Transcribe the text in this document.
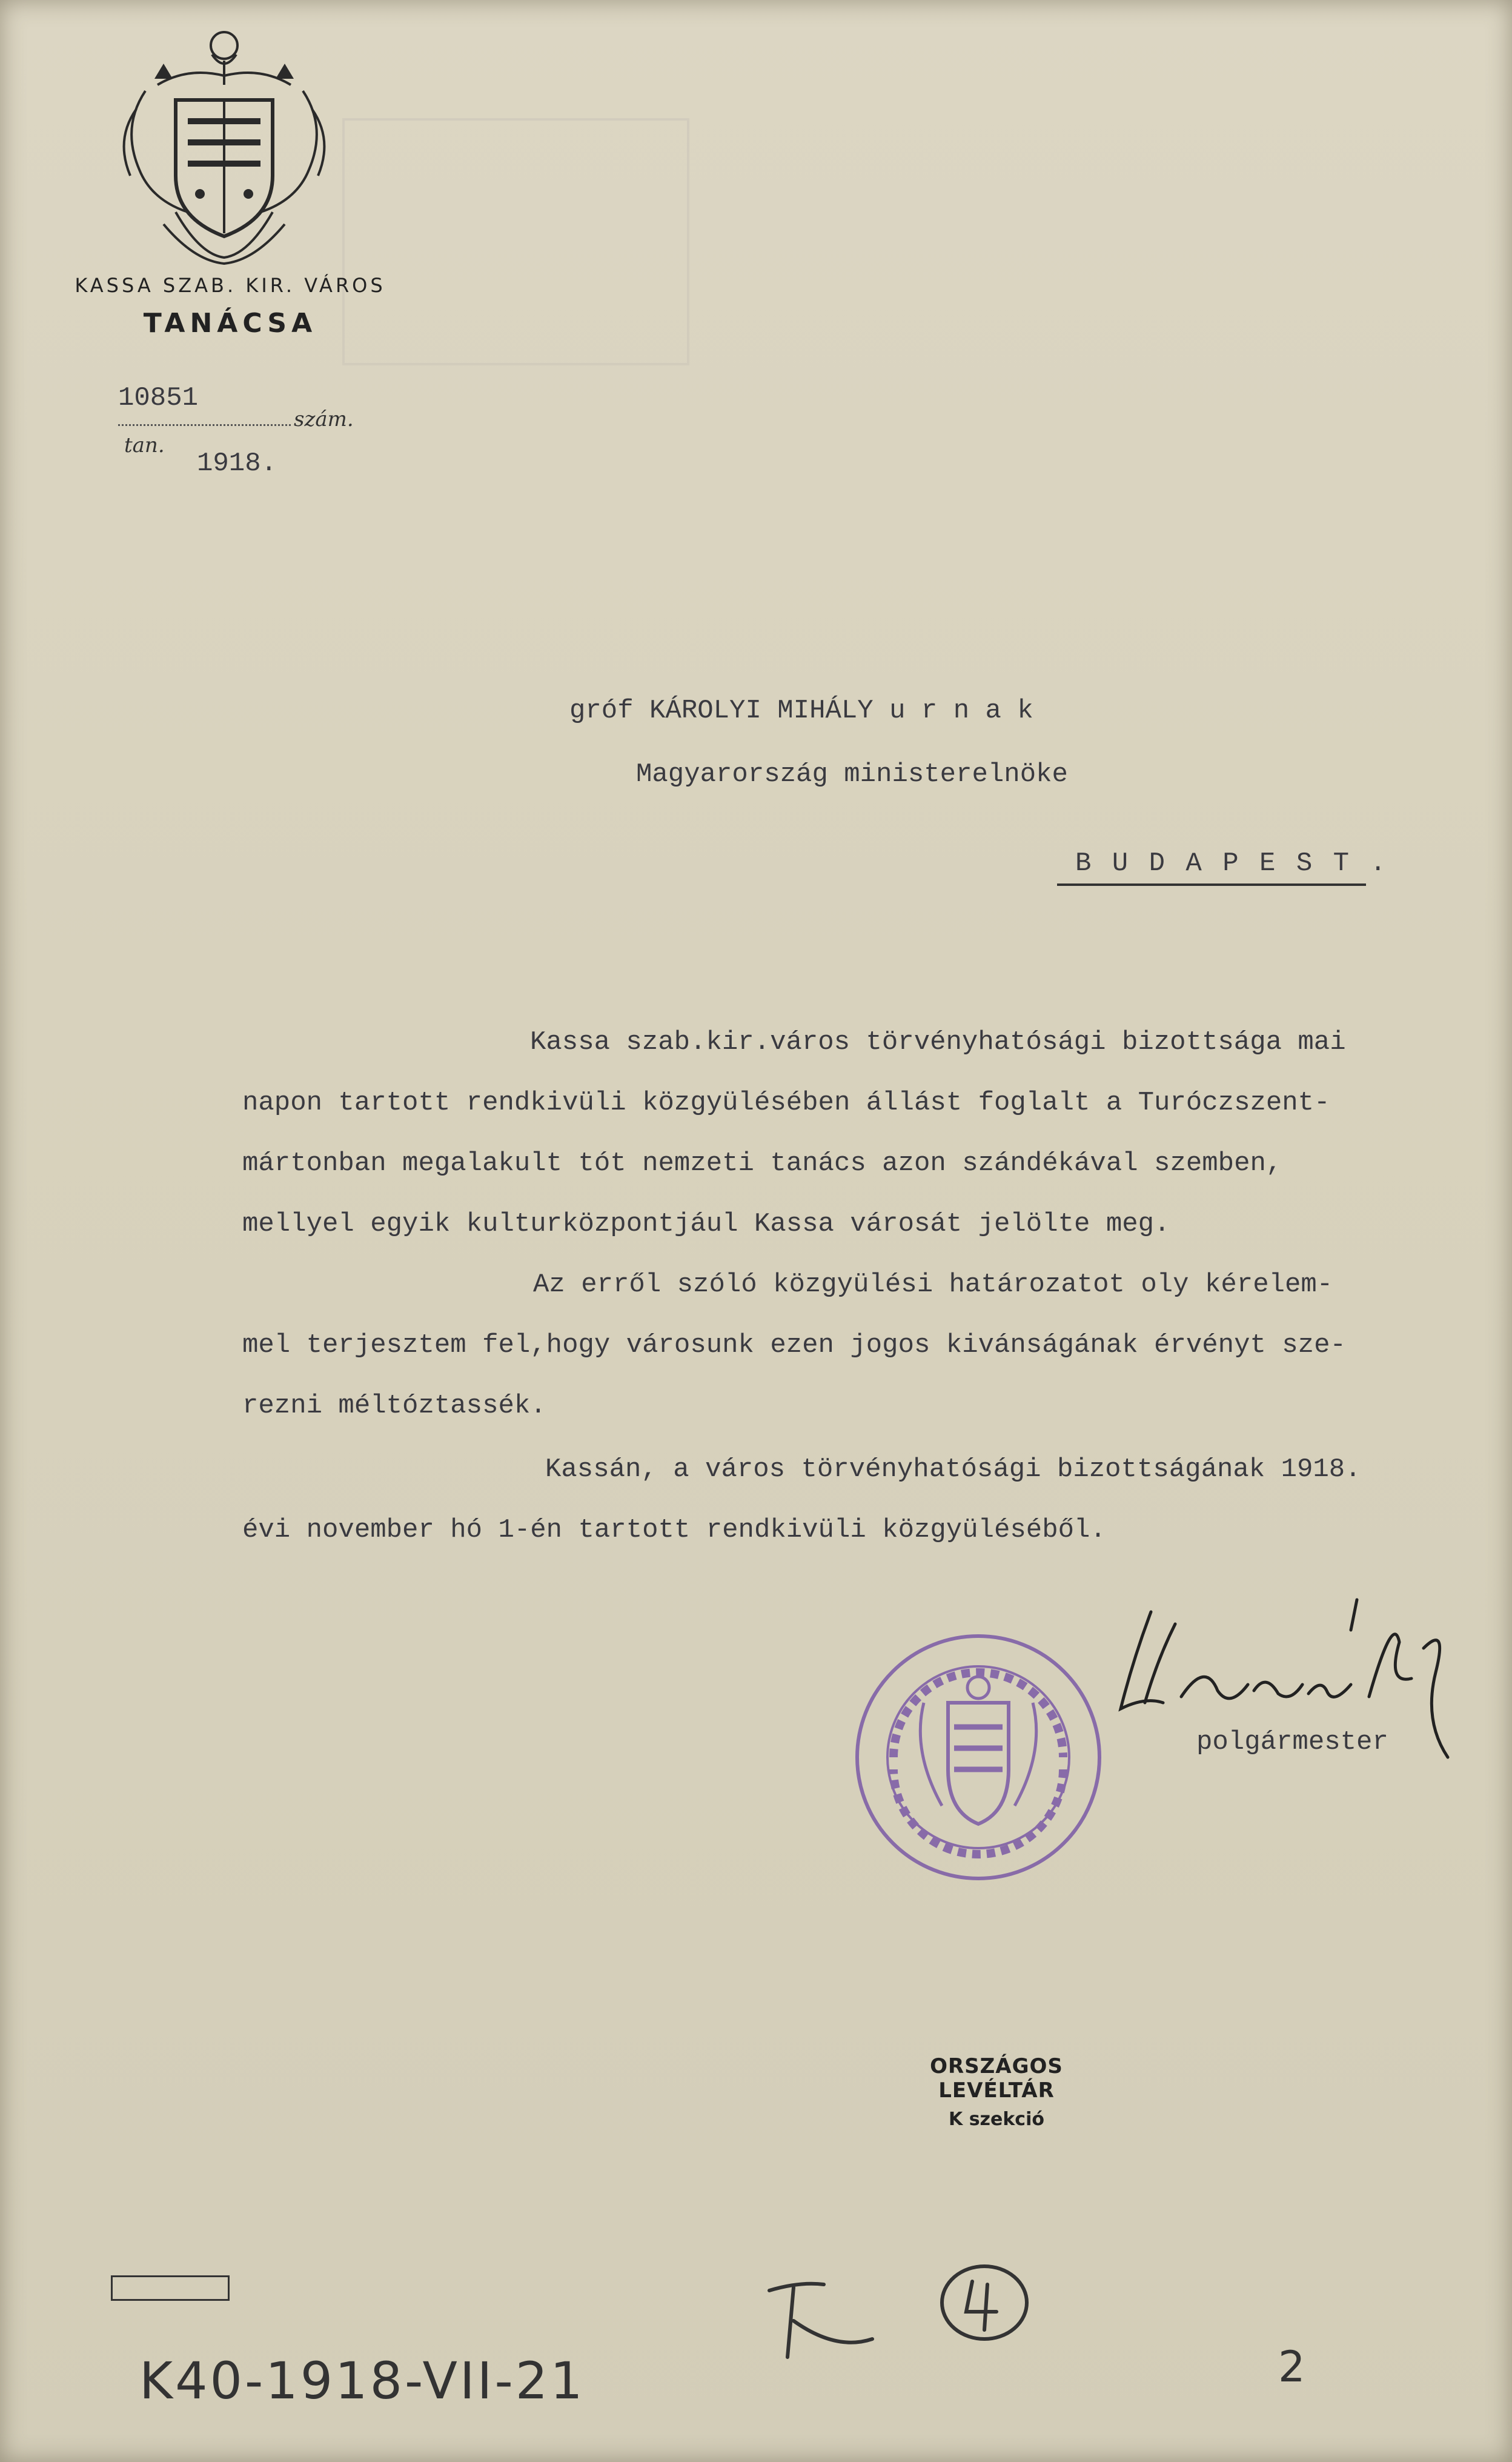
KASSA SZAB. KIR. VÁROS
TANÁCSA
10851
szám.
tan.
1918.
gróf KÁROLYI MIHÁLY u r n a k
Magyarország ministerelnöke
B U D A P E S T .
Kassa szab.kir.város törvényhatósági bizottsága mai
napon tartott rendkivüli közgyülésében állást foglalt a Turóczszent-
mártonban megalakult tót nemzeti tanács azon szándékával szemben,
mellyel egyik kulturközpontjául Kassa városát jelölte meg.
Az erről szóló közgyülési határozatot oly kérelem-
mel terjesztem fel,hogy városunk ezen jogos kivánságának érvényt sze-
rezni méltóztassék.
Kassán, a város törvényhatósági bizottságának 1918.
évi november hó 1-én tartott rendkivüli közgyüléséből.
polgármester
ORSZÁGOS LEVÉLTÁR
K szekció
K40-1918-VII-21	2
